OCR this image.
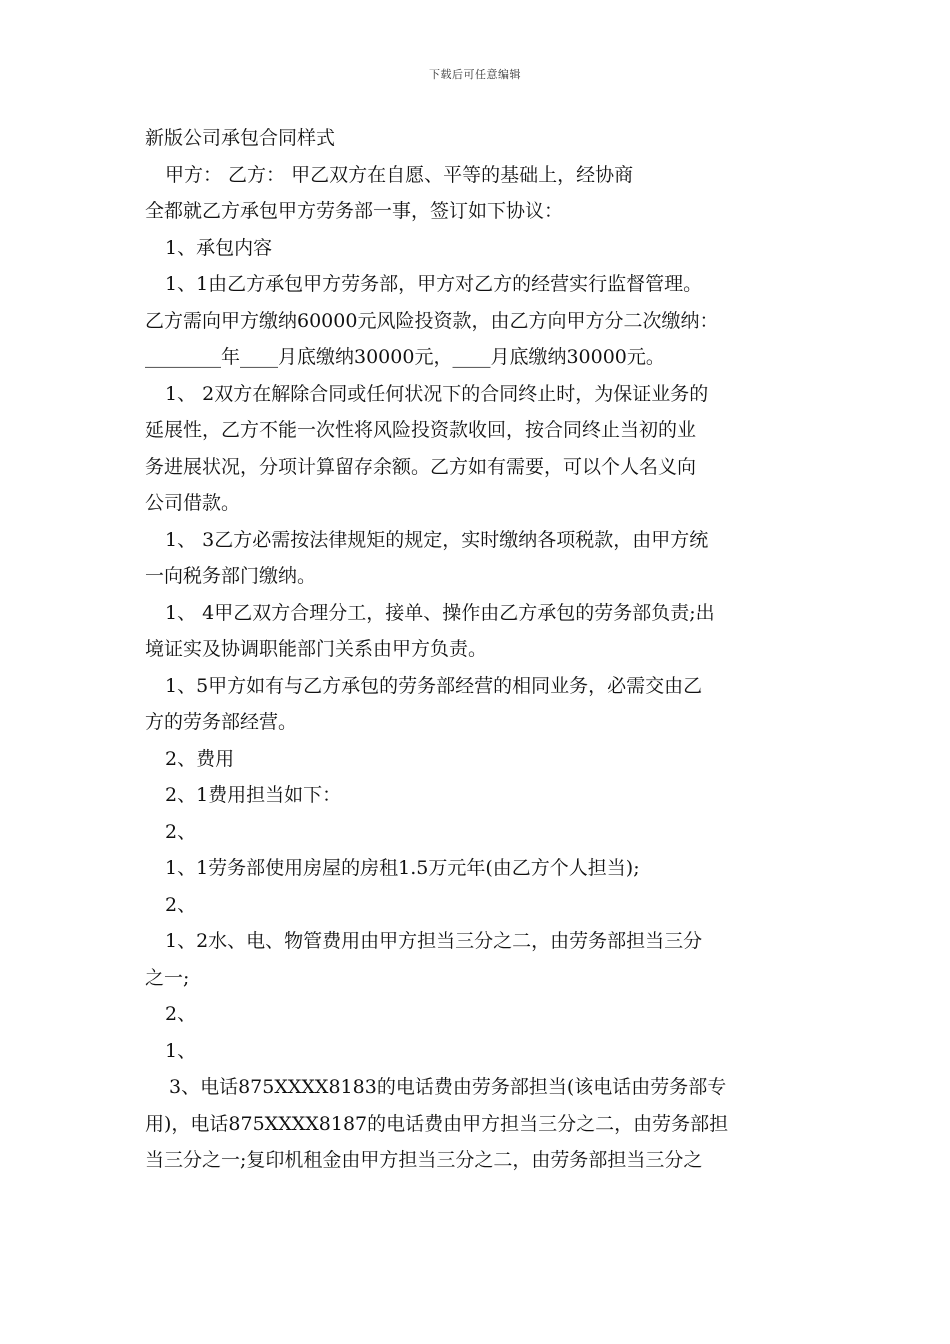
下载后可任意编辑
新版公司承包合同样式
甲方： 乙方： 甲乙双方在自愿、平等的基础上，经协商
全都就乙方承包甲方劳务部一事，签订如下协议：
1、承包内容
1、1由乙方承包甲方劳务部，甲方对乙方的经营实行监督管理。
乙方需向甲方缴纳60000元风险投资款，由乙方向甲方分二次缴纳：
________年____月底缴纳30000元，____月底缴纳30000元。
1、 2双方在解除合同或任何状况下的合同终止时，为保证业务的
延展性，乙方不能一次性将风险投资款收回，按合同终止当初的业
务进展状况，分项计算留存余额。乙方如有需要，可以个人名义向
公司借款。
1、 3乙方必需按法律规矩的规定，实时缴纳各项税款，由甲方统
一向税务部门缴纳。
1、 4甲乙双方合理分工，接单、操作由乙方承包的劳务部负责;出
境证实及协调职能部门关系由甲方负责。
1、5甲方如有与乙方承包的劳务部经营的相同业务，必需交由乙
方的劳务部经营。
2、费用
2、1费用担当如下：
2、
1、1劳务部使用房屋的房租1.5万元年(由乙方个人担当);
2、
1、2水、电、物管费用由甲方担当三分之二，由劳务部担当三分
之一;
2、
1、
3、电话875XXXX8183的电话费由劳务部担当(该电话由劳务部专
用)，电话875XXXX8187的电话费由甲方担当三分之二，由劳务部担
当三分之一;复印机租金由甲方担当三分之二，由劳务部担当三分之
